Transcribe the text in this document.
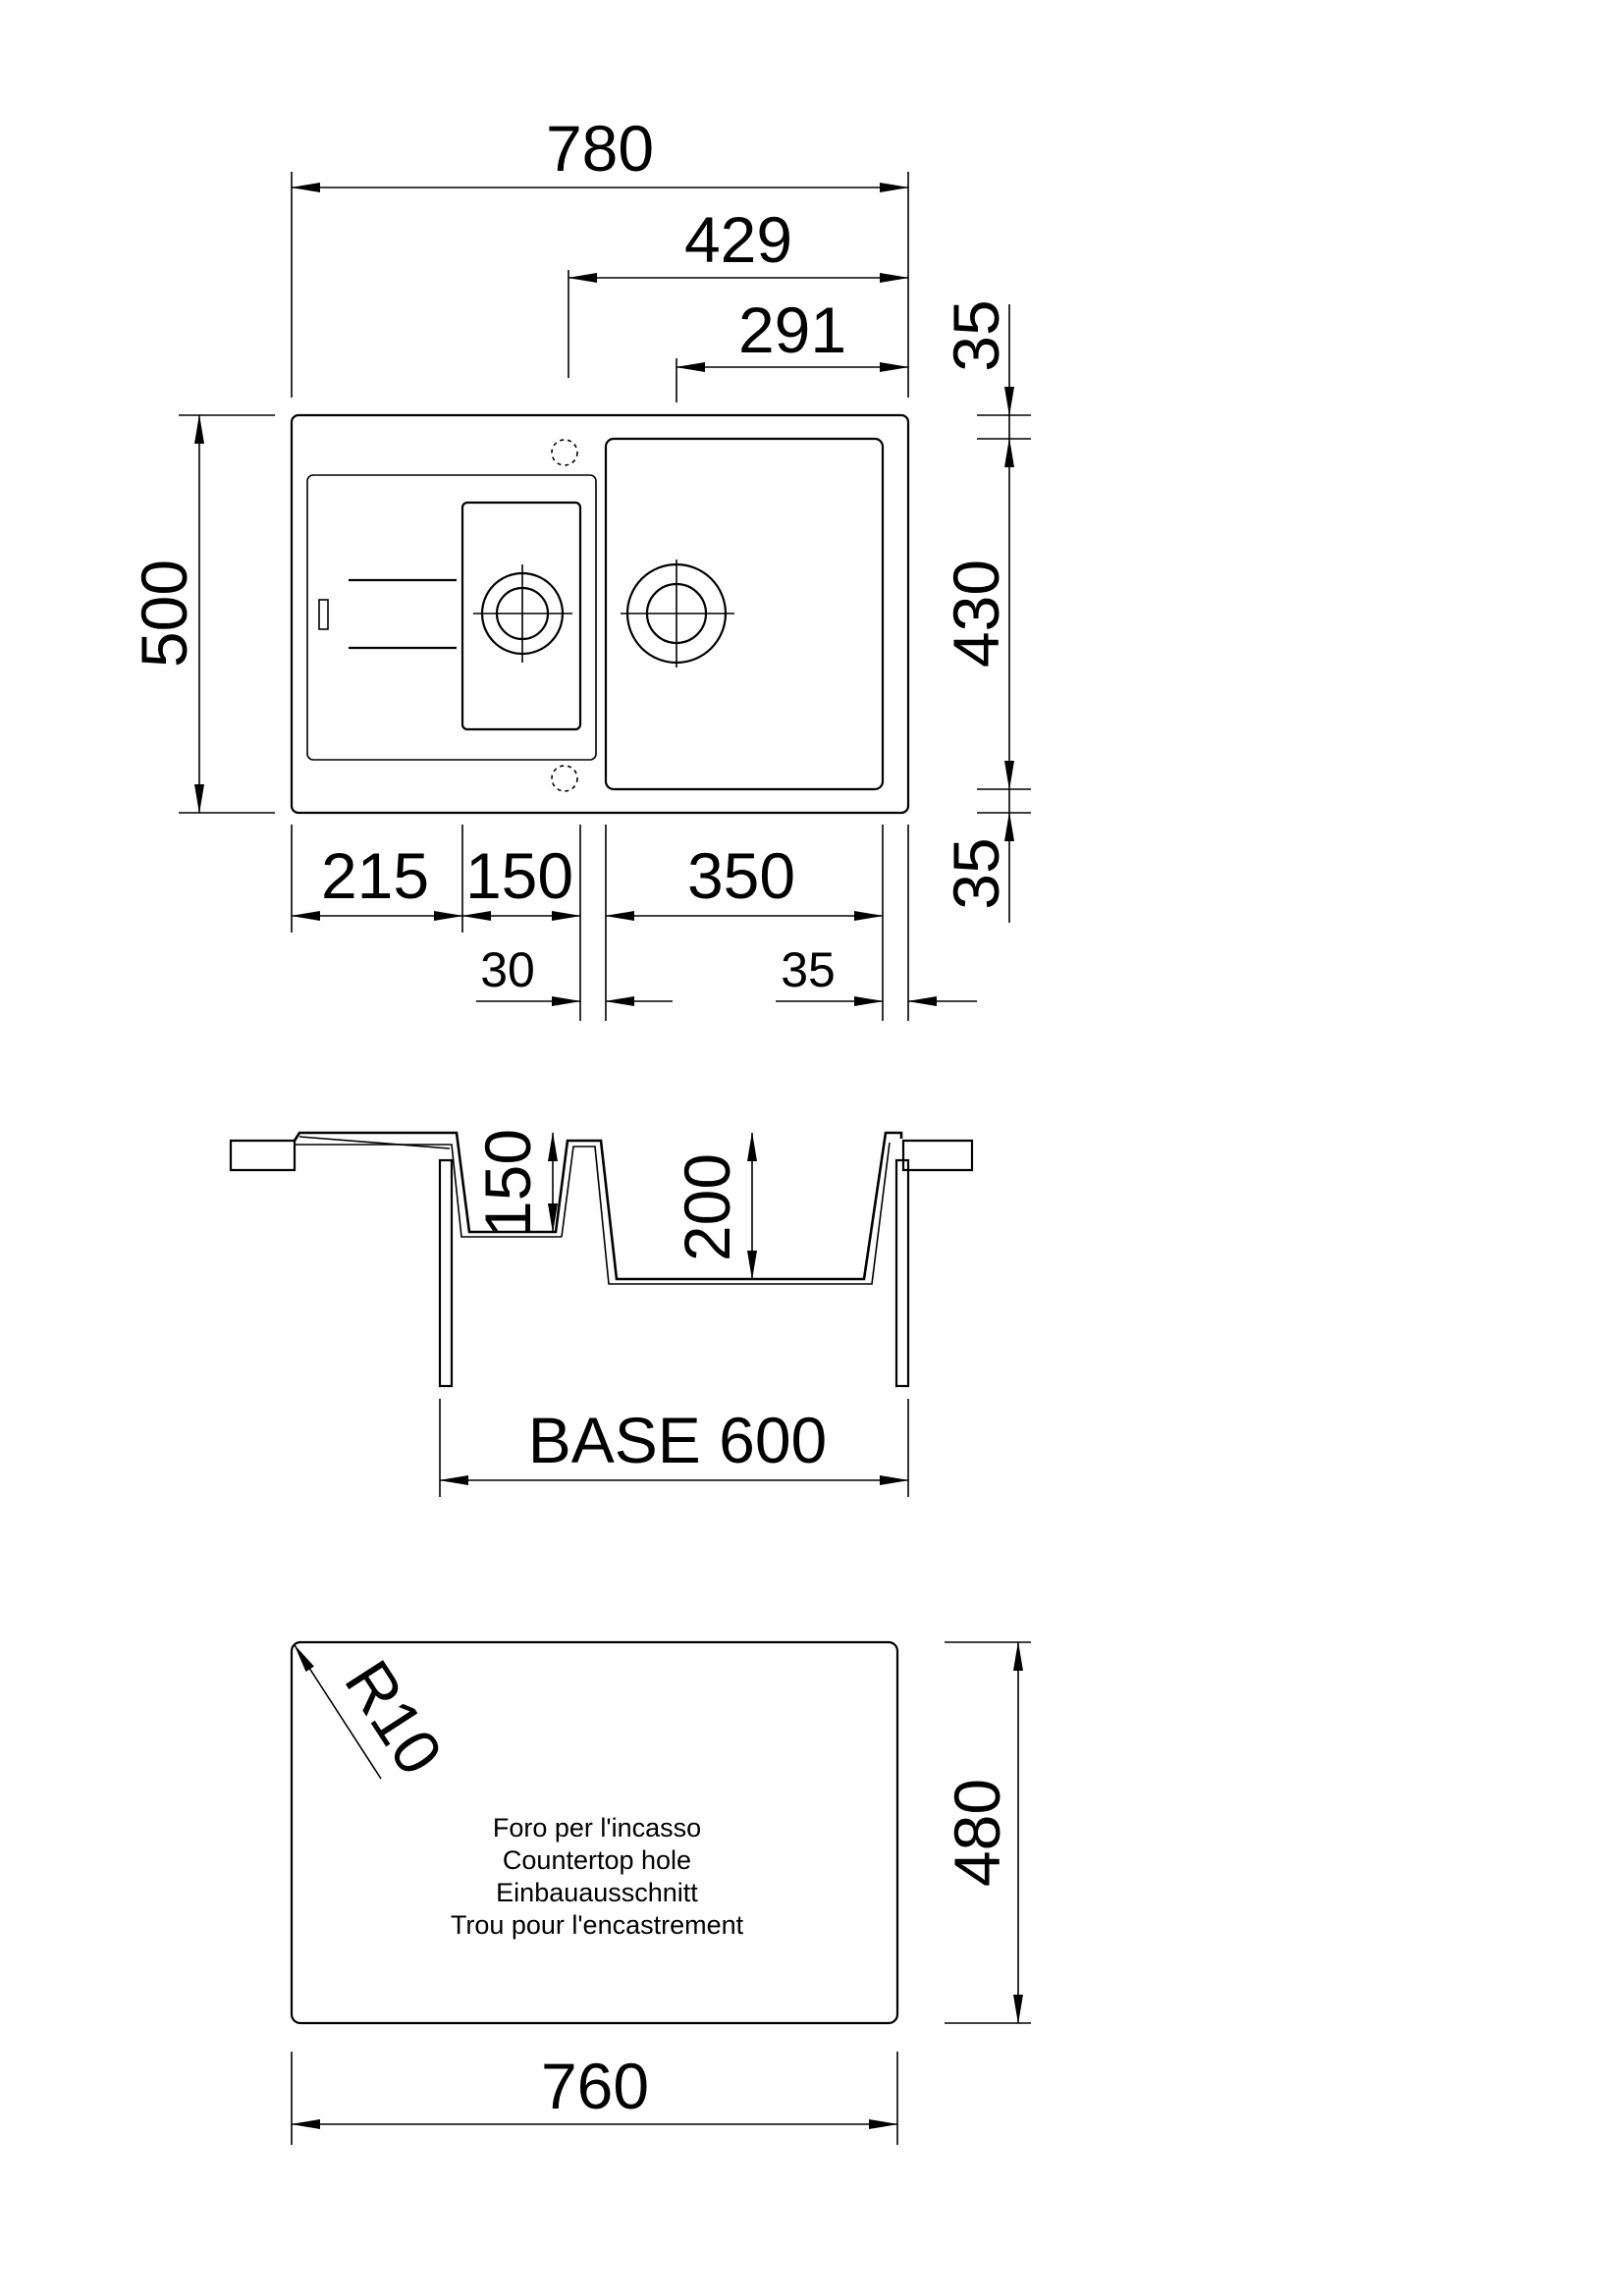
780
429
291
500
35
430
35
215 150 350
30	35
150 200
BASE 600
R10
Foro per l'incasso
Countertop hole
Einbauausschnitt
Trou pour l'encastrement
480
760
